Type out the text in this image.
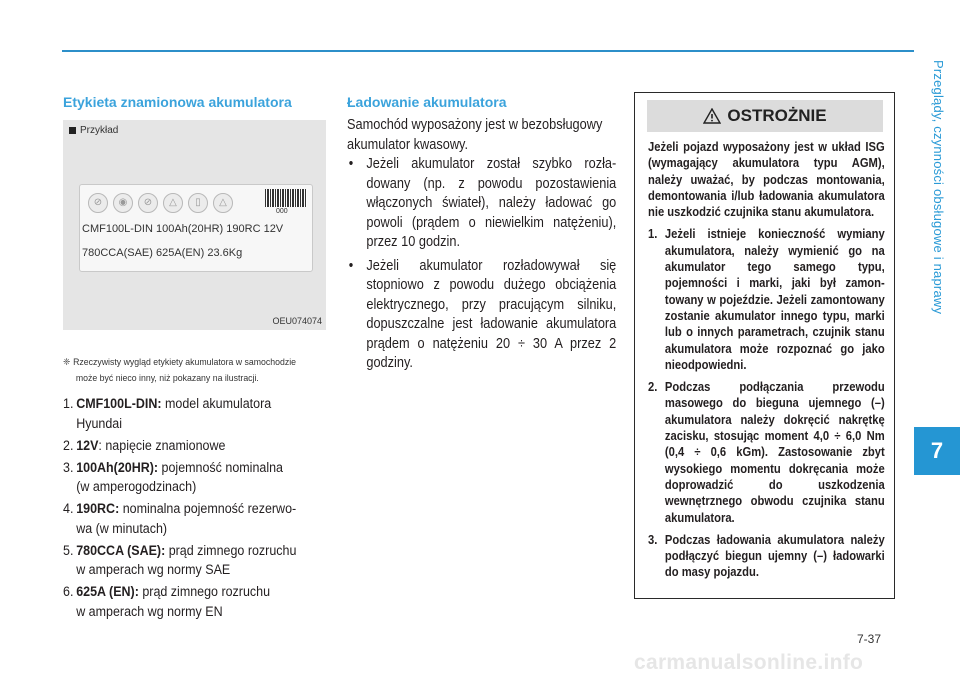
Przeglądy, czynności obsługowe i naprawy
7
Etykieta znamionowa akumulatora
Przykład
⊘	◉	⊘	△	▯	△
000
CMF100L-DIN 100Ah(20HR) 190RC 12V
780CCA(SAE) 625A(EN) 23.6Kg
OEU074074
❈ Rzeczywisty wygląd etykiety akumulatora w samochodzie
może być nieco inny, niż pokazany na ilustracji.
1. CMF100L-DIN: model akumulatora
Hyundai
2. 12V: napięcie znamionowe
3. 100Ah(20HR): pojemność nominalna
(w amperogodzinach)
4. 190RC: nominalna pojemność rezerwo-
wa (w minutach)
5. 780CCA (SAE): prąd zimnego rozruchu
w amperach wg normy SAE
6. 625A (EN): prąd zimnego rozruchu
w amperach wg normy EN
Ładowanie akumulatora
Samochód wyposażony jest w bezobsługowy akumulator kwasowy.
• Jeżeli akumulator został szybko rozładowany (np. z powodu pozostawienia włączonych świateł), należy ładować go powoli (prądem o niewielkim natężeniu), przez 10 godzin.
• Jeżeli akumulator rozładowywał się stopniowo z powodu dużego obciążenia elektrycznego, przy pracującym silniku, dopuszczalne jest ładowanie akumulatora prądem o natężeniu 20 ÷ 30 A przez 2 godziny.
OSTROŻNIE

Jeżeli pojazd wyposażony jest w układ ISG (wymagający akumulatora typu AGM), należy uważać, by podczas montowania, demontowania i/lub ładowania akumulatora nie uszkodzić czujnika stanu akumulatora.

1. Jeżeli istnieje konieczność wymiany akumulatora, należy wymienić go na akumulator tego samego typu, pojemności i marki, jaki był zamontowany w pojeździe. Jeżeli zamontowany zostanie akumulator innego typu, marki lub o innych parametrach, czujnik stanu akumulatora może rozpoznać go jako nieodpowiedni.
2. Podczas podłączania przewodu masowego do bieguna ujemnego (–) akumulatora należy dokręcić nakrętkę zacisku, stosując moment 4,0 ÷ 6,0 Nm (0,4 ÷ 0,6 kGm). Zastosowanie zbyt wysokiego momentu dokręcania może doprowadzić do uszkodzenia wewnętrznego obwodu czujnika stanu akumulatora.
3. Podczas ładowania akumulatora należy podłączyć biegun ujemny (–) ładowarki do masy pojazdu.
7-37
carmanualsonline.info
